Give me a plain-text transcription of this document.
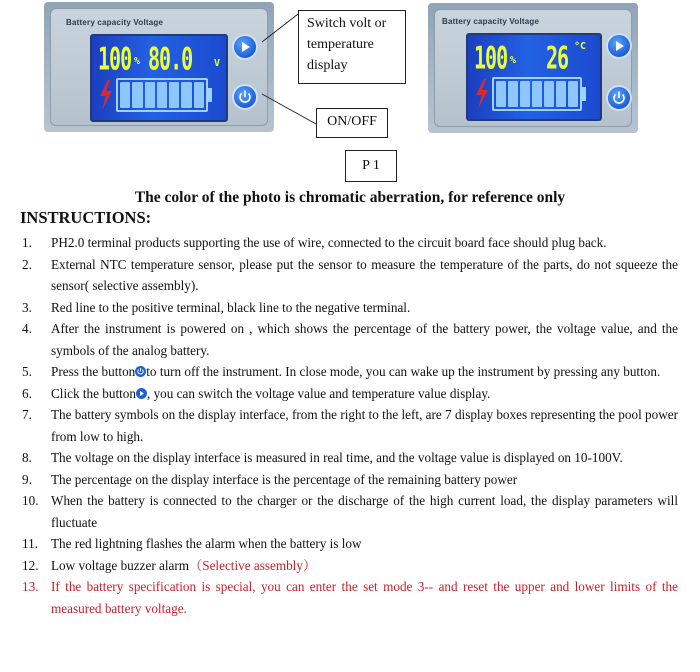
Battery capacity Voltage
100 % 80.0 V
Switch volt or temperature display
ON/OFF
Battery capacity Voltage
100 % 26 °C
P 1
The color of the photo is chromatic aberration, for reference only
INSTRUCTIONS:
1. PH2.0 terminal products supporting the use of wire, connected to the circuit board face should plug back.
2. External NTC temperature sensor, please put the sensor to measure the temperature of the parts, do not squeeze the sensor( selective assembly).
3. Red line to the positive terminal, black line to the negative terminal.
4. After the instrument is powered on , which shows the percentage of the battery power, the voltage value, and the symbols of the analog battery.
5. Press the button to turn off the instrument. In close mode, you can wake up the instrument by pressing any button.
6. Click the button , you can switch the voltage value and temperature value display.
7. The battery symbols on the display interface, from the right to the left, are 7 display boxes representing the pool power from low to high.
8. The voltage on the display interface is measured in real time, and the voltage value is displayed on 10-100V.
9. The percentage on the display interface is the percentage of the remaining battery power
10. When the battery is connected to the charger or the discharge of the high current load, the display parameters will fluctuate
11. The red lightning flashes the alarm when the battery is low
12. Low voltage buzzer alarm（Selective assembly）
13. If the battery specification is special, you can enter the set mode 3-- and reset the upper and lower limits of the measured battery voltage.
